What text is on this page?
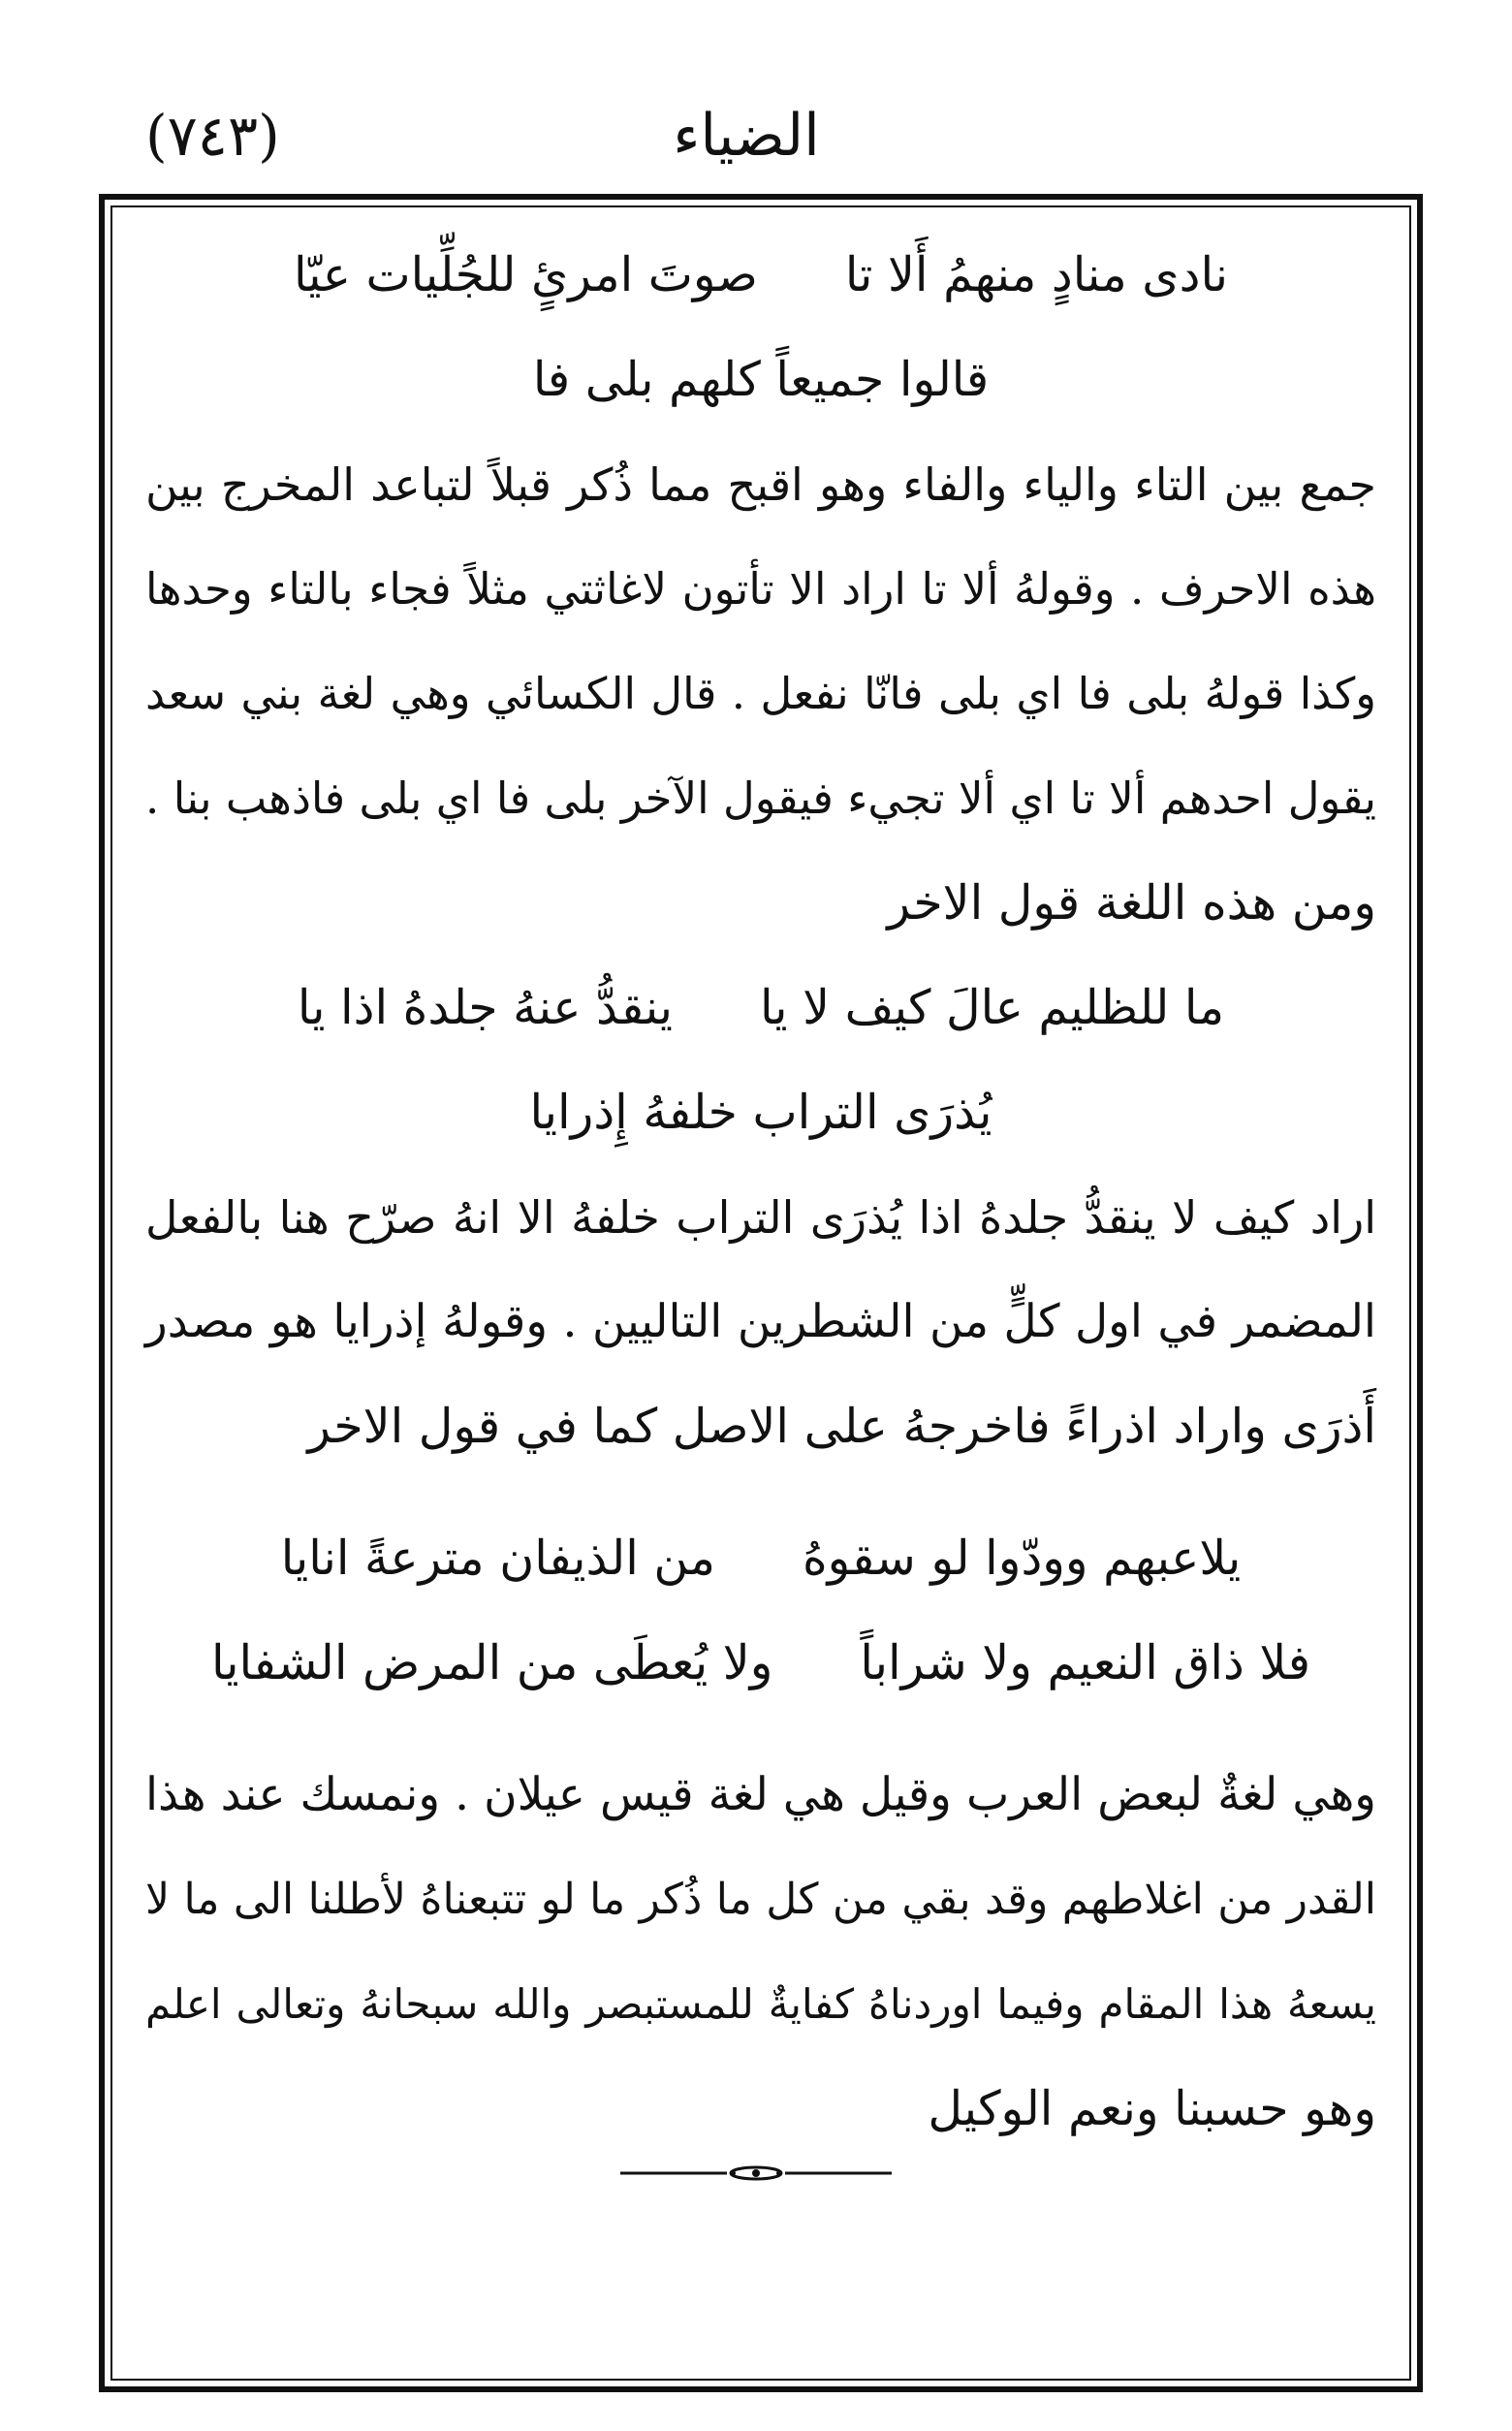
(٧٤٣)	الضياء
نادى منادٍ منهمُ أَلا تا
صوتَ امرئٍ للجُلِّيات عيّا
قالوا جميعاً كلهم بلى فا
جمع بين التاء والياء والفاء وهو اقبح مما ذُكر قبلاً لتباعد المخرج بين
هذه الاحرف . وقولهُ ألا تا اراد الا تأتون لاغاثتي مثلاً فجاء بالتاء وحدها
وكذا قولهُ بلى فا اي بلى فانّا نفعل . قال الكسائي وهي لغة بني سعد
يقول احدهم ألا تا اي ألا تجيء فيقول الآخر بلى فا اي بلى فاذهب بنا .
ومن هذه اللغة قول الاخر
ما للظليم عالَ كيف لا يا
ينقدُّ عنهُ جلدهُ اذا يا
يُذرَى التراب خلفهُ إِذرايا
اراد كيف لا ينقدُّ جلدهُ اذا يُذرَى التراب خلفهُ الا انهُ صرّح هنا بالفعل
المضمر في اول كلٍّ من الشطرين التاليين . وقولهُ إذرايا هو مصدر
أَذرَى واراد اذراءً فاخرجهُ على الاصل كما في قول الاخر
يلاعبهم وودّوا لو سقوهُ
من الذيفان مترعةً انايا
فلا ذاق النعيم ولا شراباً
ولا يُعطَى من المرض الشفايا
وهي لغةٌ لبعض العرب وقيل هي لغة قيس عيلان . ونمسك عند هذا
القدر من اغلاطهم وقد بقي من كل ما ذُكر ما لو تتبعناهُ لأطلنا الى ما لا
يسعهُ هذا المقام وفيما اوردناهُ كفايةٌ للمستبصر والله سبحانهُ وتعالى اعلم
وهو حسبنا ونعم الوكيل
